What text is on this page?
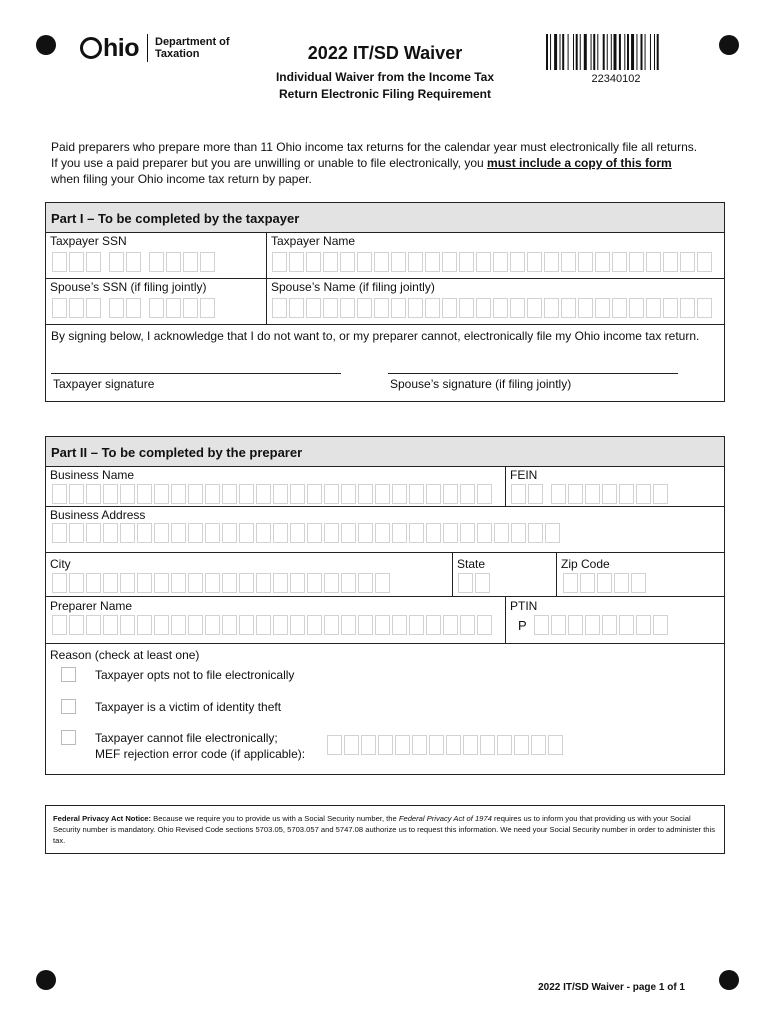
hio Department of
Taxation	2022 IT/SD Waiver
Individual Waiver from the Income Tax
Return Electronic Filing Requirement
22340102
Paid preparers who prepare more than 11 Ohio income tax returns for the calendar year must electronically file all returns.
If you use a paid preparer but you are unwilling or unable to file electronically, you must include a copy of this form
when filing your Ohio income tax return by paper.
Part I – To be completed by the taxpayer
Taxpayer SSN	Taxpayer Name
Spouse’s SSN (if filing jointly)	Spouse’s Name (if filing jointly)
By signing below, I acknowledge that I do not want to, or my preparer cannot, electronically file my Ohio income tax return.
Taxpayer signature	Spouse’s signature (if filing jointly)
Part II – To be completed by the preparer
Business Name	FEIN
Business Address
City	State	Zip Code
Preparer Name	PTIN
P
Reason (check at least one)
Taxpayer opts not to file electronically
Taxpayer is a victim of identity theft
Taxpayer cannot file electronically;
MEF rejection error code (if applicable):
Federal Privacy Act Notice: Because we require you to provide us with a Social Security number, the Federal Privacy Act of 1974 requires us to inform you that providing us with your Social Security number is mandatory. Ohio Revised Code sections 5703.05, 5703.057 and 5747.08 authorize us to request this information. We need your Social Security number in order to administer this tax.
2022 IT/SD Waiver - page 1 of 1
